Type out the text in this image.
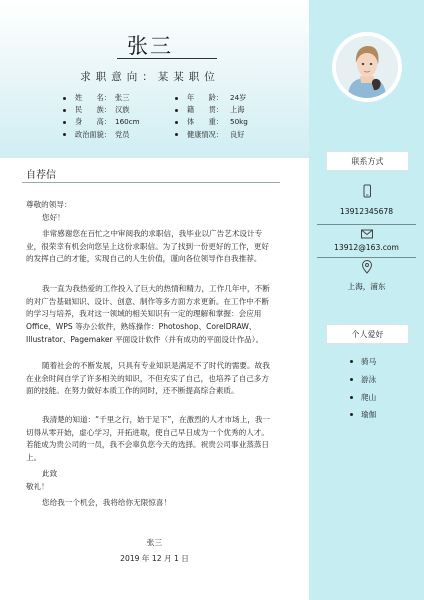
张三
求职意向：某某职位
姓　　名： 张三
民　　族： 汉族
身　　高： 160cm
政治面貌： 党员
年　　龄： 24岁
籍　　贯： 上海
体　　重： 50kg
健康情况： 良好
联系方式
13912345678
13912@163.com
上海，浦东
个人爱好
骑马
游泳
爬山
瑜伽
自荐信
尊敬的领导：
您好！
非常感谢您在百忙之中审阅我的求职信，我毕业以广告艺术设计专业，很荣幸有机会向您呈上这份求职信。为了找到一份更好的工作，更好的发挥自己的才能，实现自己的人生价值，谨向各位领导作自我推荐。
我一直为我热爱的工作投入了巨大的热情和精力，工作几年中，不断的对广告基础知识、设计、创意、制作等多方面方求更新。在工作中不断的学习与培养，我对这一领域的相关知识有一定的理解和掌握：会应用 Office、WPS 等办公软件，熟练操作：Photoshop、CorelDRAW、Illustrator、Pagemaker 平面设计软件（并有成功的平面设计作品）。
随着社会的不断发展，只具有专业知识是满足不了时代的需要。故我在业余时间自学了许多相关的知识，不但充实了自己，也培养了自己多方面的技能。在努力做好本质工作的同时，还不断提高综合素质。
我清楚的知道：“千里之行，始于足下”，在激烈的人才市场上，我一切得从零开始，虚心学习，开拓进取，使自己早日成为一个优秀的人才。若能成为贵公司的一员，我不会辜负您今天的选择。祝贵公司事业蒸蒸日上。
此致
敬礼！
您给我一个机会，我将给你无限惊喜！
张三
2019 年 12 月 1 日
